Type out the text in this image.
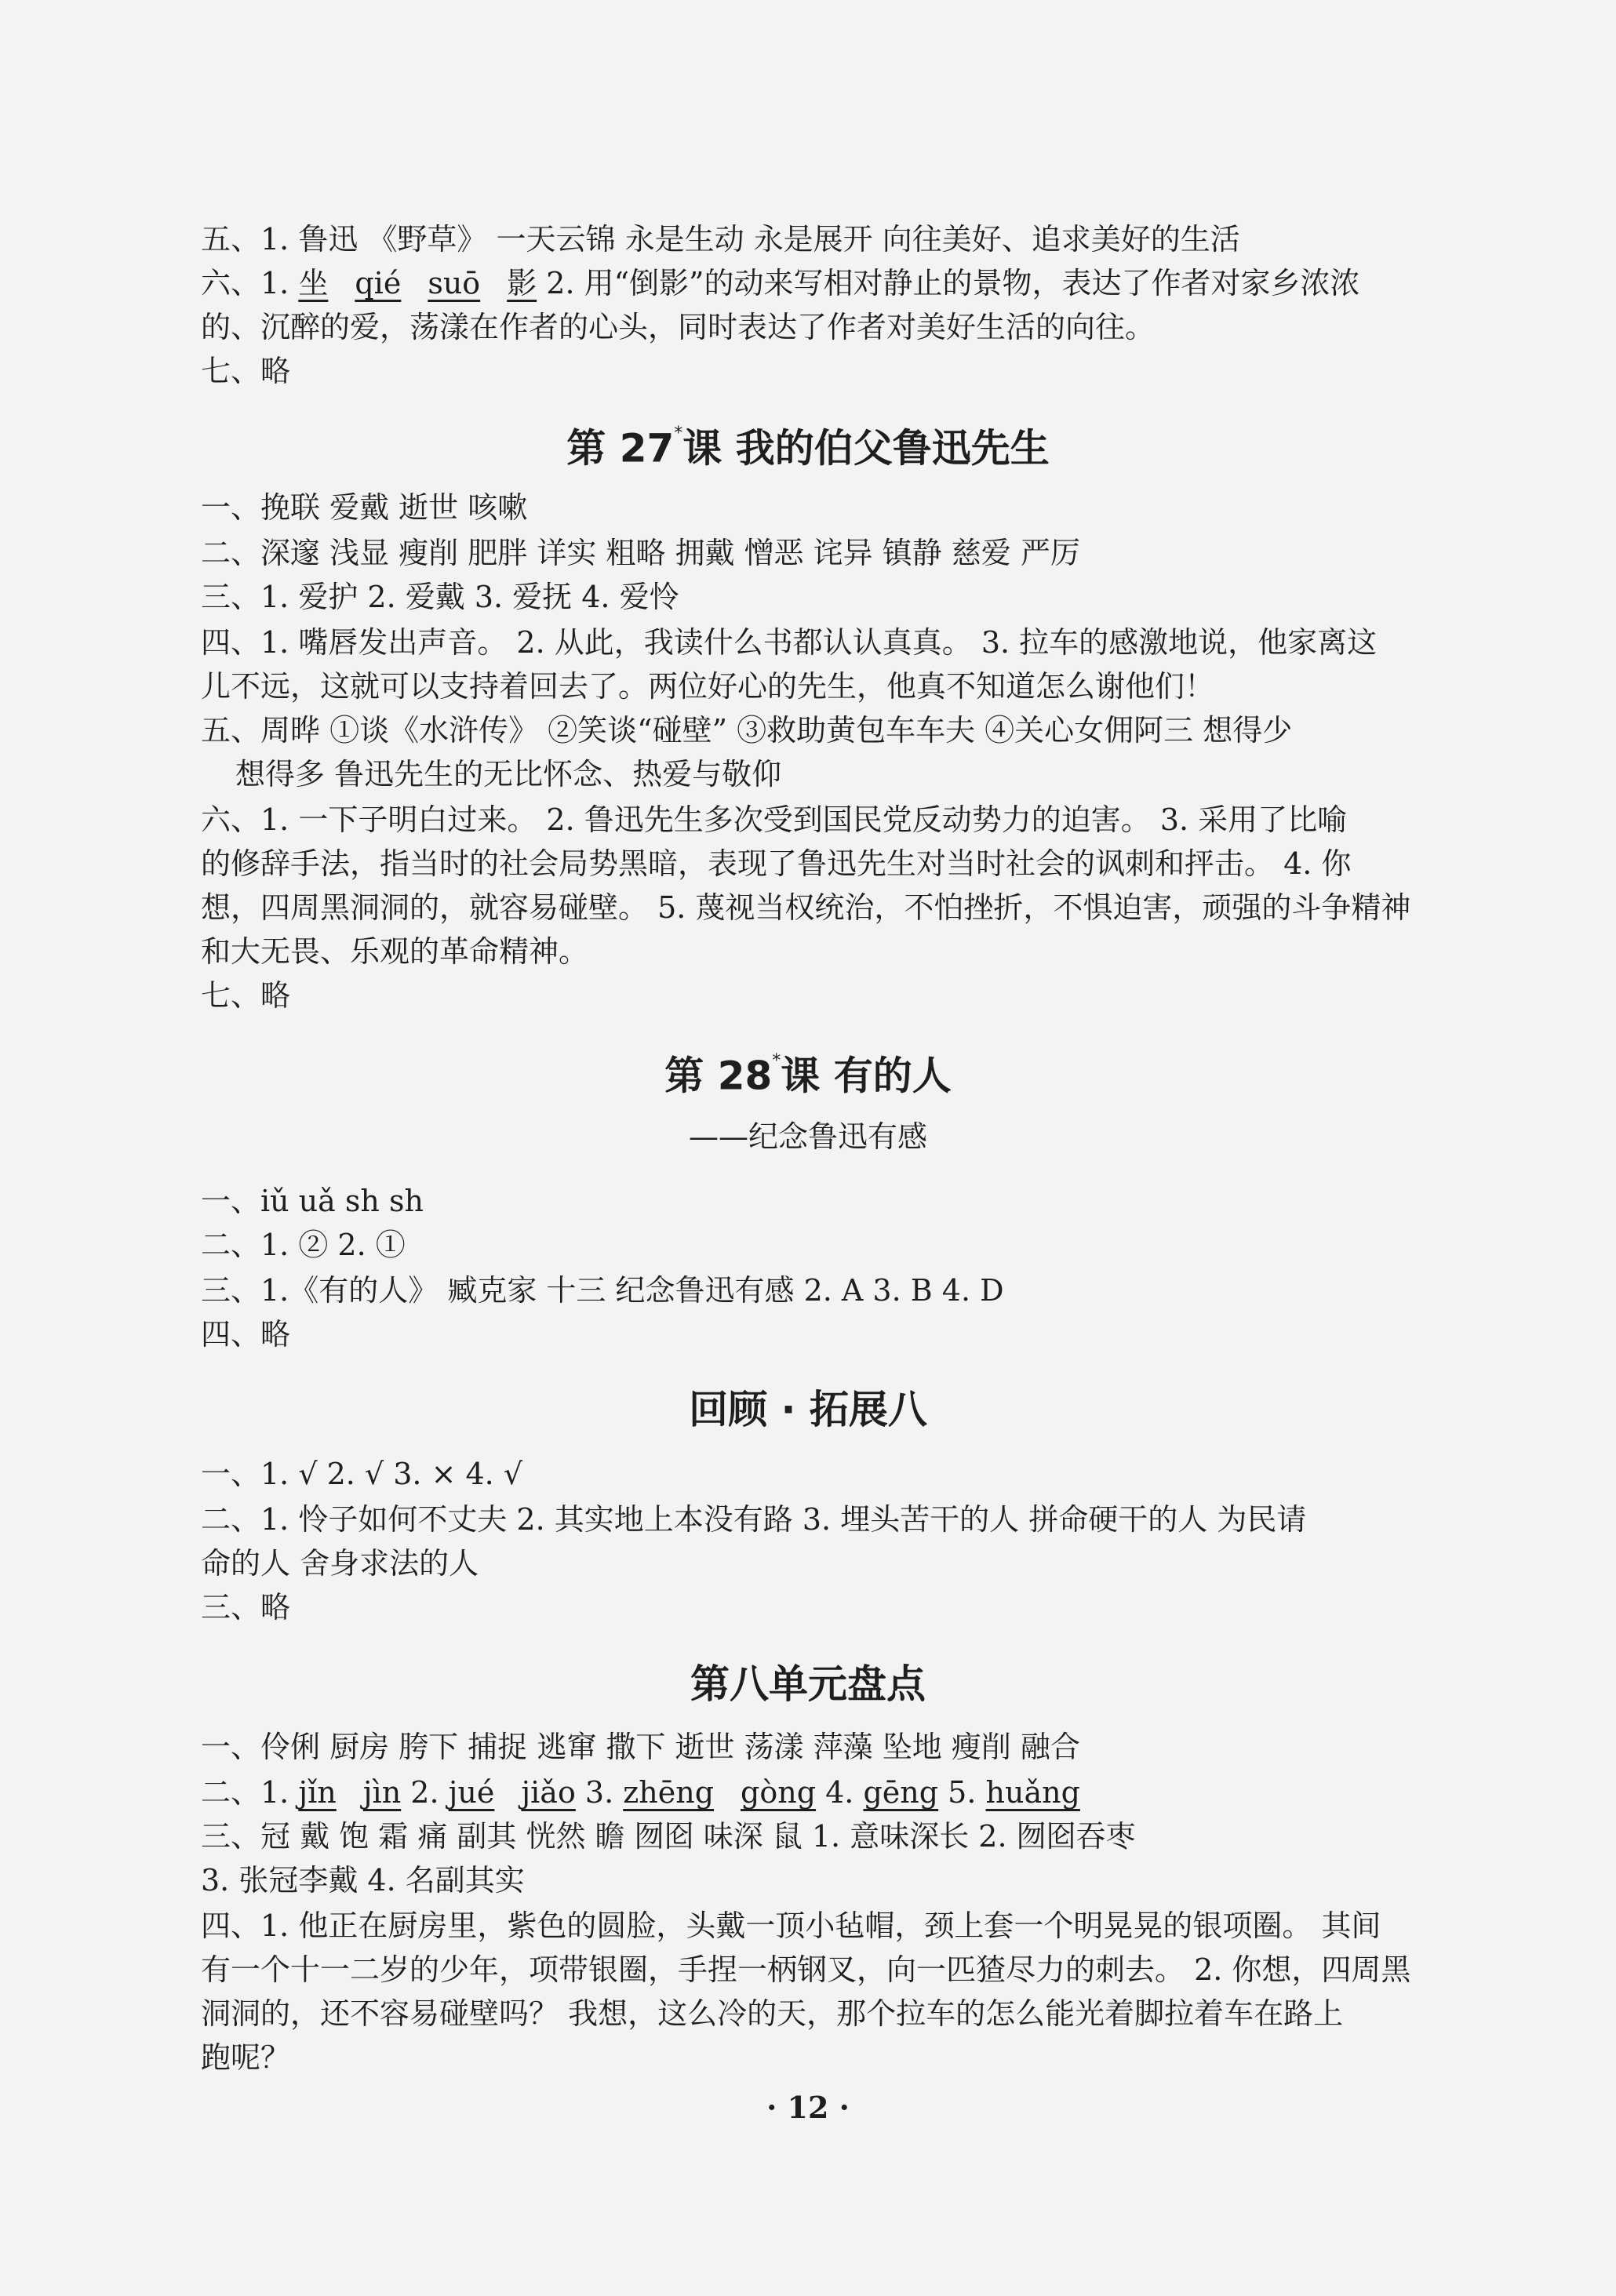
五、1. 鲁迅 《野草》 一天云锦 永是生动 永是展开 向往美好、追求美好的生活
六、1. 坐 qié suō 影 2. 用“倒影”的动来写相对静止的景物，表达了作者对家乡浓浓
的、沉醉的爱，荡漾在作者的心头，同时表达了作者对美好生活的向往。
七、略
第 27*课 我的伯父鲁迅先生
一、挽联 爱戴 逝世 咳嗽
二、深邃 浅显 瘦削 肥胖 详实 粗略 拥戴 憎恶 诧异 镇静 慈爱 严厉
三、1. 爱护 2. 爱戴 3. 爱抚 4. 爱怜
四、1. 嘴唇发出声音。 2. 从此，我读什么书都认认真真。 3. 拉车的感激地说，他家离这
儿不远，这就可以支持着回去了。两位好心的先生，他真不知道怎么谢他们！
五、周晔 ①谈《水浒传》 ②笑谈“碰壁” ③救助黄包车车夫 ④关心女佣阿三 想得少
想得多 鲁迅先生的无比怀念、热爱与敬仰
六、1. 一下子明白过来。 2. 鲁迅先生多次受到国民党反动势力的迫害。 3. 采用了比喻
的修辞手法，指当时的社会局势黑暗，表现了鲁迅先生对当时社会的讽刺和抨击。 4. 你
想，四周黑洞洞的，就容易碰壁。 5. 蔑视当权统治，不怕挫折，不惧迫害，顽强的斗争精神
和大无畏、乐观的革命精神。
七、略
第 28*课 有的人
——纪念鲁迅有感
一、iǔ uǎ sh sh
二、1. ② 2. ①
三、1.《有的人》 臧克家 十三 纪念鲁迅有感 2. A 3. B 4. D
四、略
回顾 · 拓展八
一、1. √ 2. √ 3. × 4. √
二、1. 怜子如何不丈夫 2. 其实地上本没有路 3. 埋头苦干的人 拼命硬干的人 为民请
命的人 舍身求法的人
三、略
第八单元盘点
一、伶俐 厨房 胯下 捕捉 逃窜 撒下 逝世 荡漾 萍藻 坠地 瘦削 融合
二、1. jǐn jìn 2. jué jiǎo 3. zhēng gòng 4. gēng 5. huǎng
三、冠 戴 饱 霜 痛 副其 恍然 瞻 囫囵 味深 鼠 1. 意味深长 2. 囫囵吞枣
3. 张冠李戴 4. 名副其实
四、1. 他正在厨房里，紫色的圆脸，头戴一顶小毡帽，颈上套一个明晃晃的银项圈。 其间
有一个十一二岁的少年，项带银圈，手捏一柄钢叉，向一匹猹尽力的刺去。 2. 你想，四周黑
洞洞的，还不容易碰壁吗？ 我想，这么冷的天，那个拉车的怎么能光着脚拉着车在路上
跑呢？
· 12 ·
